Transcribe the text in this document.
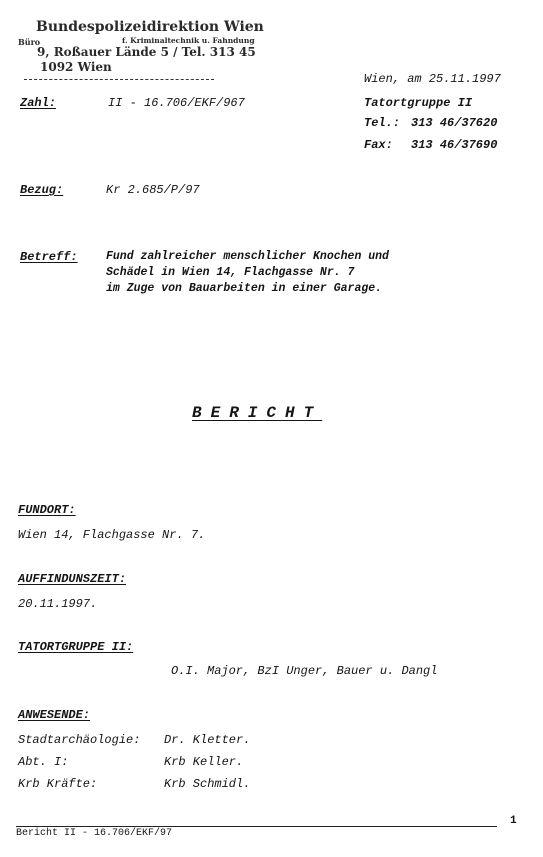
Bundespolizeidirektion Wien
Büro	f. Kriminaltechnik u. Fahndung
9, Roßauer Lände 5 / Tel. 313 45
1092 Wien
Wien, am 25.11.1997
Tatortgruppe II
Tel.: 313 46/37620
Fax: 313 46/37690
Zahl:	II - 16.706/EKF/967
Bezug:	Kr 2.685/P/97
Betreff: Fund zahlreicher menschlicher Knochen und
Schädel in Wien 14, Flachgasse Nr. 7
im Zuge von Bauarbeiten in einer Garage.
BERICHT
FUNDORT:
Wien 14, Flachgasse Nr. 7.
AUFFINDUNSZEIT:
20.11.1997.
TATORTGRUPPE II:
O.I. Major, BzI Unger, Bauer u. Dangl
ANWESENDE:
Stadtarchäologie: Dr. Kletter.
Abt. I:	Krb Keller.
Krb Kräfte:	Krb Schmidl.
1
Bericht II - 16.706/EKF/97
